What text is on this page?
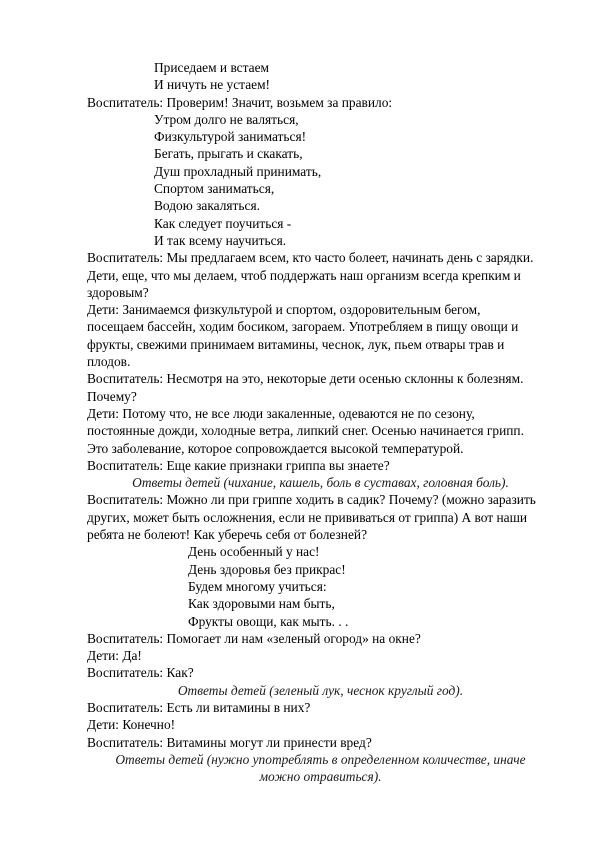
Приседаем и встаем
И ничуть не устаем!
Воспитатель: Проверим! Значит, возьмем за правило:
Утром долго не валяться,
Физкультурой заниматься!
Бегать, прыгать и скакать,
Душ прохладный принимать,
Спортом заниматься,
Водою закаляться.
Как следует поучиться -
И так всему научиться.
Воспитатель: Мы предлагаем всем, кто часто болеет, начинать день с зарядки.
Дети, еще, что мы делаем, чтоб поддержать наш организм всегда крепким и
здоровым?
Дети: Занимаемся физкультурой и спортом, оздоровительным бегом,
посещаем бассейн, ходим босиком, загораем. Употребляем в пищу овощи и
фрукты, свежими принимаем витамины, чеснок, лук, пьем отвары трав и
плодов.
Воспитатель: Несмотря на это, некоторые дети осенью склонны к болезням.
Почему?
Дети: Потому что, не все люди закаленные, одеваются не по сезону,
постоянные дожди, холодные ветра, липкий снег. Осенью начинается грипп.
Это заболевание, которое сопровождается высокой температурой.
Воспитатель: Еще какие признаки гриппа вы знаете?
Ответы детей (чихание, кашель, боль в суставах, головная боль).
Воспитатель: Можно ли при гриппе ходить в садик? Почему? (можно заразить
других, может быть осложнения, если не прививаться от гриппа) А вот наши
ребята не болеют! Как уберечь себя от болезней?
День особенный у нас!
День здоровья без прикрас!
Будем многому учиться:
Как здоровыми нам быть,
Фрукты овощи, как мыть. . .
Воспитатель: Помогает ли нам «зеленый огород» на окне?
Дети: Да!
Воспитатель: Как?
Ответы детей (зеленый лук, чеснок круглый год).
Воспитатель: Есть ли витамины в них?
Дети: Конечно!
Воспитатель: Витамины могут ли принести вред?
Ответы детей (нужно употреблять в определенном количестве, иначе
можно отравиться).
